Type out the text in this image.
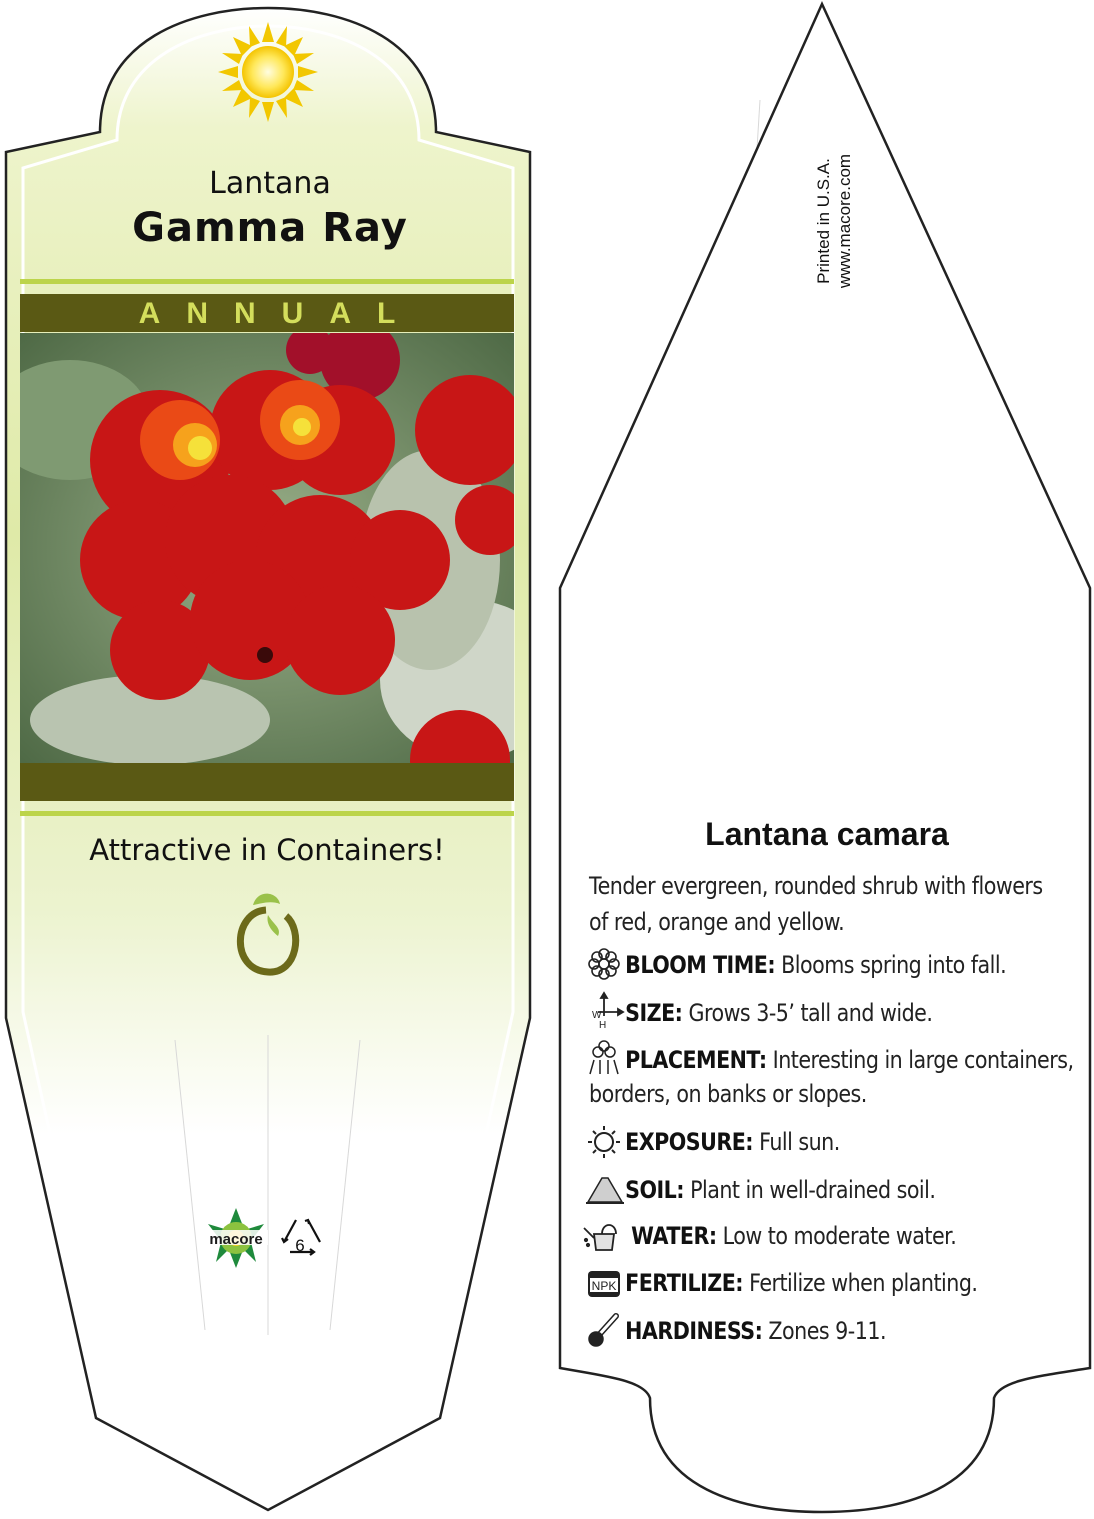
macore 6
W
H
NPK
Lantana
Gamma Ray
ANNUAL
Attractive in Containers!
Printed in U.S.A. www.macore.com
Lantana camara
Tender evergreen, rounded shrub with flowers of red, orange and yellow.
BLOOM TIME: Blooms spring into fall.
SIZE: Grows 3-5’ tall and wide.
PLACEMENT: Interesting in large containers, borders, on banks or slopes.
EXPOSURE: Full sun.
SOIL: Plant in well-drained soil.
WATER: Low to moderate water.
FERTILIZE: Fertilize when planting.
HARDINESS: Zones 9-11.
